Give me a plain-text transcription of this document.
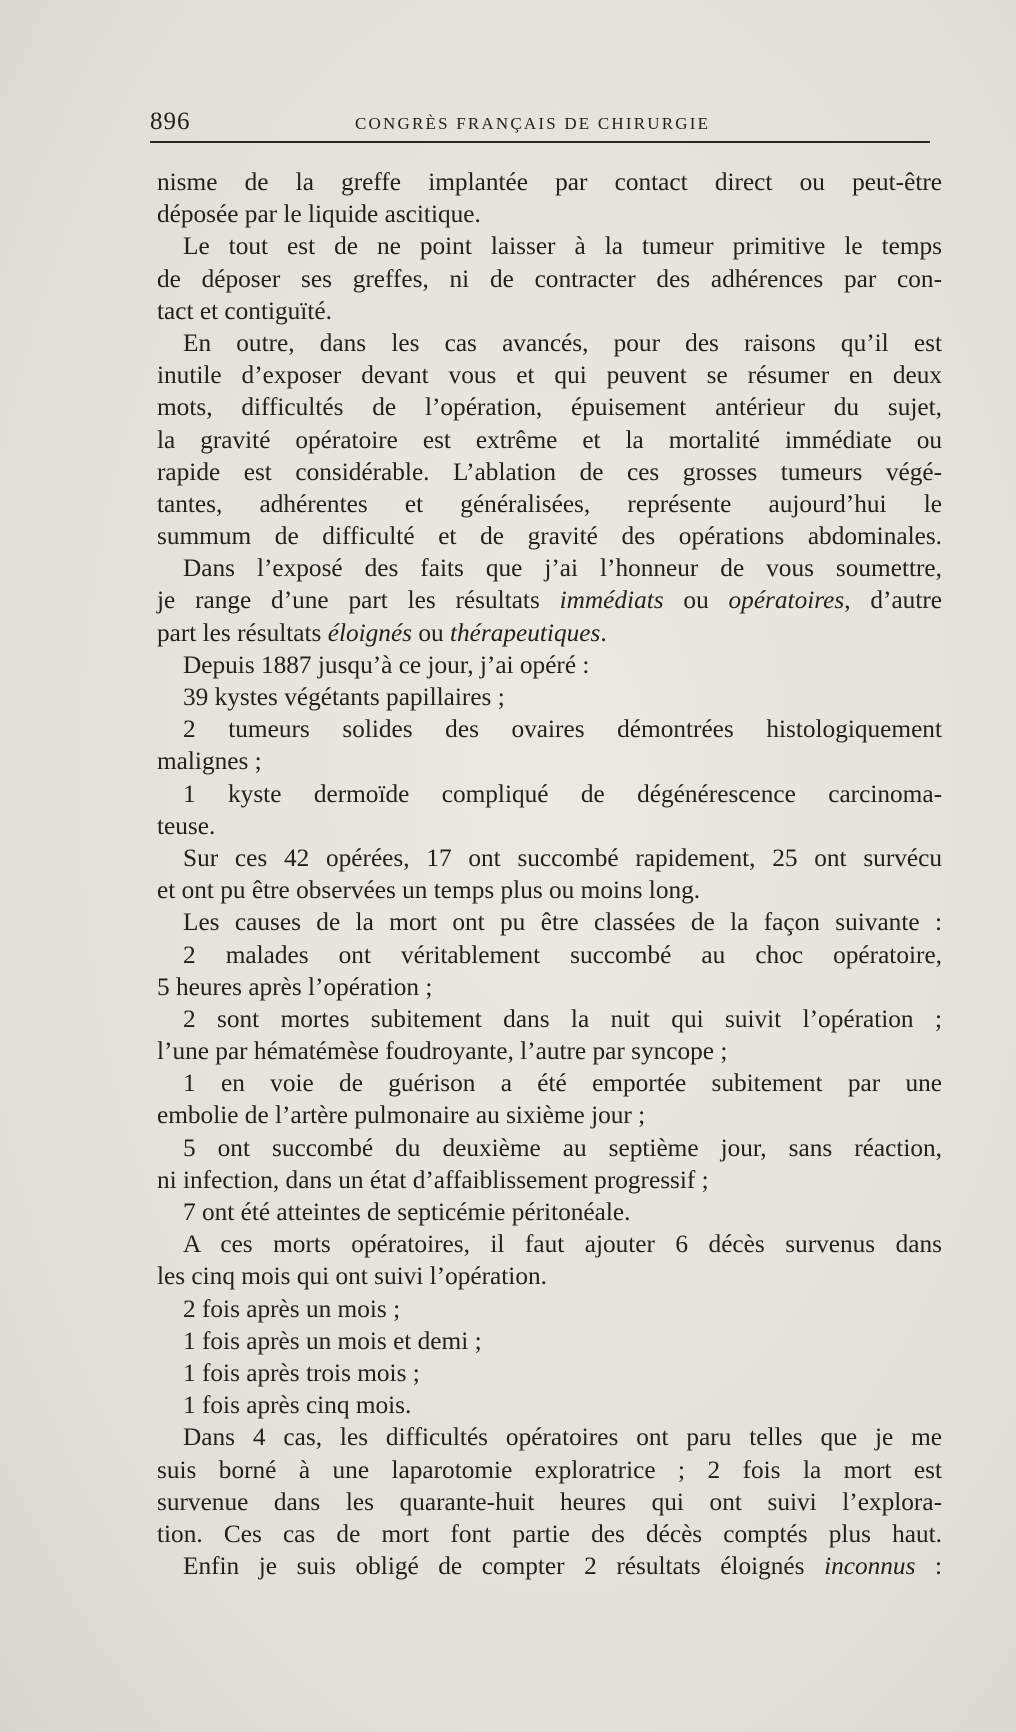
896	CONGRÈS FRANÇAIS DE CHIRURGIE
nisme de la greffe implantée par contact direct ou peut-être
déposée par le liquide ascitique.
Le tout est de ne point laisser à la tumeur primitive le temps
de déposer ses greffes, ni de contracter des adhérences par con-
tact et contiguïté.
En outre, dans les cas avancés, pour des raisons qu’il est
inutile d’exposer devant vous et qui peuvent se résumer en deux
mots, difficultés de l’opération, épuisement antérieur du sujet,
la gravité opératoire est extrême et la mortalité immédiate ou
rapide est considérable. L’ablation de ces grosses tumeurs végé-
tantes, adhérentes et généralisées, représente aujourd’hui le
summum de difficulté et de gravité des opérations abdominales.
Dans l’exposé des faits que j’ai l’honneur de vous soumettre,
je range d’une part les résultats immédiats ou opératoires, d’autre
part les résultats éloignés ou thérapeutiques.
Depuis 1887 jusqu’à ce jour, j’ai opéré :
39 kystes végétants papillaires ;
2 tumeurs solides des ovaires démontrées histologiquement
malignes ;
1 kyste dermoïde compliqué de dégénérescence carcinoma-
teuse.
Sur ces 42 opérées, 17 ont succombé rapidement, 25 ont survécu
et ont pu être observées un temps plus ou moins long.
Les causes de la mort ont pu être classées de la façon suivante :
2 malades ont véritablement succombé au choc opératoire,
5 heures après l’opération ;
2 sont mortes subitement dans la nuit qui suivit l’opération ;
l’une par hématémèse foudroyante, l’autre par syncope ;
1 en voie de guérison a été emportée subitement par une
embolie de l’artère pulmonaire au sixième jour ;
5 ont succombé du deuxième au septième jour, sans réaction,
ni infection, dans un état d’affaiblissement progressif ;
7 ont été atteintes de septicémie péritonéale.
A ces morts opératoires, il faut ajouter 6 décès survenus dans
les cinq mois qui ont suivi l’opération.
2 fois après un mois ;
1 fois après un mois et demi ;
1 fois après trois mois ;
1 fois après cinq mois.
Dans 4 cas, les difficultés opératoires ont paru telles que je me
suis borné à une laparotomie exploratrice ; 2 fois la mort est
survenue dans les quarante-huit heures qui ont suivi l’explora-
tion. Ces cas de mort font partie des décès comptés plus haut.
Enfin je suis obligé de compter 2 résultats éloignés inconnus :
